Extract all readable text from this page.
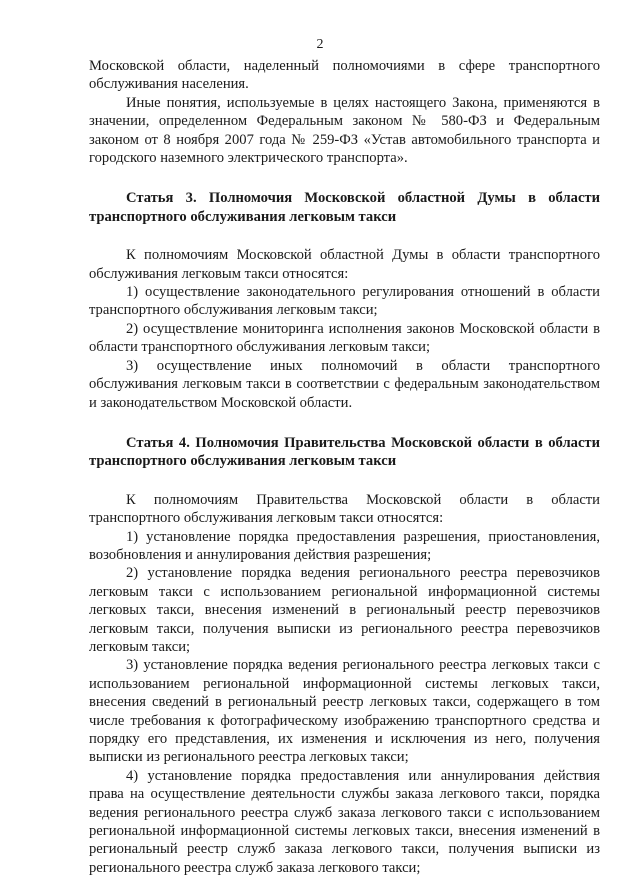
2

Московской области, наделенный полномочиями в сфере транспортного обслуживания населения.

Иные понятия, используемые в целях настоящего Закона, применяются в значении, определенном Федеральным законом № 580-ФЗ и Федеральным законом от 8 ноября 2007 года № 259-ФЗ «Устав автомобильного транспорта и городского наземного электрического транспорта».

Статья 3. Полномочия Московской областной Думы в области транспортного обслуживания легковым такси

К полномочиям Московской областной Думы в области транспортного обслуживания легковым такси относятся:

1) осуществление законодательного регулирования отношений в области транспортного обслуживания легковым такси;

2) осуществление мониторинга исполнения законов Московской области в области транспортного обслуживания легковым такси;

3) осуществление иных полномочий в области транспортного обслуживания легковым такси в соответствии с федеральным законодательством и законодательством Московской области.

Статья 4. Полномочия Правительства Московской области в области транспортного обслуживания легковым такси

К полномочиям Правительства Московской области в области транспортного обслуживания легковым такси относятся:

1) установление порядка предоставления разрешения, приостановления, возобновления и аннулирования действия разрешения;

2) установление порядка ведения регионального реестра перевозчиков легковым такси с использованием региональной информационной системы легковых такси, внесения изменений в региональный реестр перевозчиков легковым такси, получения выписки из регионального реестра перевозчиков легковым такси;

3) установление порядка ведения регионального реестра легковых такси с использованием региональной информационной системы легковых такси, внесения сведений в региональный реестр легковых такси, содержащего в том числе требования к фотографическому изображению транспортного средства и порядку его представления, их изменения и исключения из него, получения выписки из регионального реестра легковых такси;

4) установление порядка предоставления или аннулирования действия права на осуществление деятельности службы заказа легкового такси, порядка ведения регионального реестра служб заказа легкового такси с использованием региональной информационной системы легковых такси, внесения изменений в региональный реестр служб заказа легкового такси, получения выписки из регионального реестра служб заказа легкового такси;
